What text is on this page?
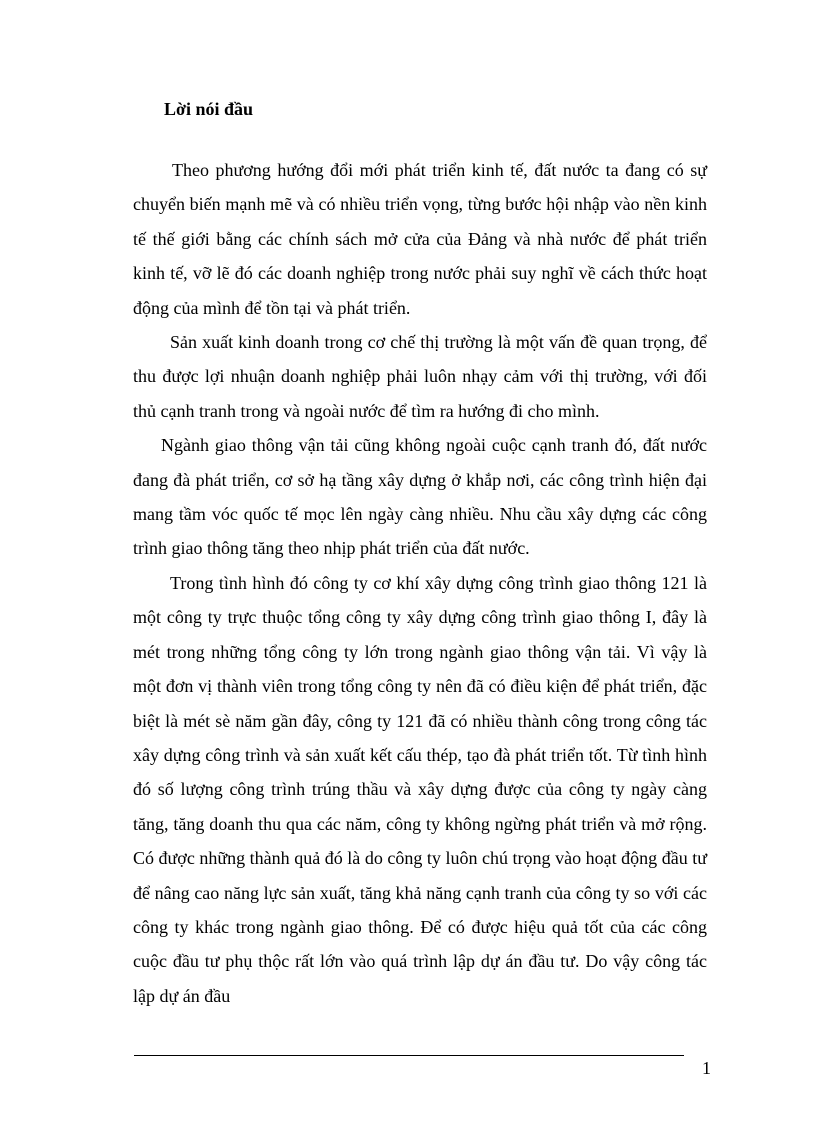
Lời nói đầu

Theo phương hướng đổi mới phát triển kinh tế, đất nước ta đang có sự chuyển biến mạnh mẽ và có nhiều triển vọng, từng bước hội nhập vào nền kinh tế thế giới bằng các chính sách mở cửa của Đảng và nhà nước để phát triển kinh tế, vỡ lẽ đó các doanh nghiệp trong nước phải suy nghĩ về cách thức hoạt động của mình để tồn tại và phát triển.

Sản xuất kinh doanh trong cơ chế thị trường là một vấn đề quan trọng, để thu được lợi nhuận doanh nghiệp phải luôn nhạy cảm với thị trường, với đối thủ cạnh tranh trong và ngoài nước để tìm ra hướng đi cho mình.

Ngành giao thông vận tải cũng không ngoài cuộc cạnh tranh đó, đất nước đang đà phát triển, cơ sở hạ tầng xây dựng ở khắp nơi, các công trình hiện đại mang tầm vóc quốc tế mọc lên ngày càng nhiều. Nhu cầu xây dựng các công trình giao thông tăng theo nhịp phát triển của đất nước.

Trong tình hình đó công ty cơ khí xây dựng công trình giao thông 121 là một công ty trực thuộc tổng công ty xây dựng công trình giao thông I, đây là mét trong những tổng công ty lớn trong ngành giao thông vận tải. Vì vậy là một đơn vị thành viên trong tổng công ty nên đã có điều kiện để phát triển, đặc biệt là mét sè năm gần đây, công ty 121 đã có nhiều thành công trong công tác xây dựng công trình và sản xuất kết cấu thép, tạo đà phát triển tốt. Từ tình hình đó số lượng công trình trúng thầu và xây dựng được của công ty ngày càng tăng, tăng doanh thu qua các năm, công ty không ngừng phát triển và mở rộng. Có được những thành quả đó là do công ty luôn chú trọng vào hoạt động đầu tư để nâng cao năng lực sản xuất, tăng khả năng cạnh tranh của công ty so với các công ty khác trong ngành giao thông. Để có được hiệu quả tốt của các công cuộc đầu tư phụ thộc rất lớn vào quá trình lập dự án đầu tư. Do vậy công tác lập dự án đầu

1
